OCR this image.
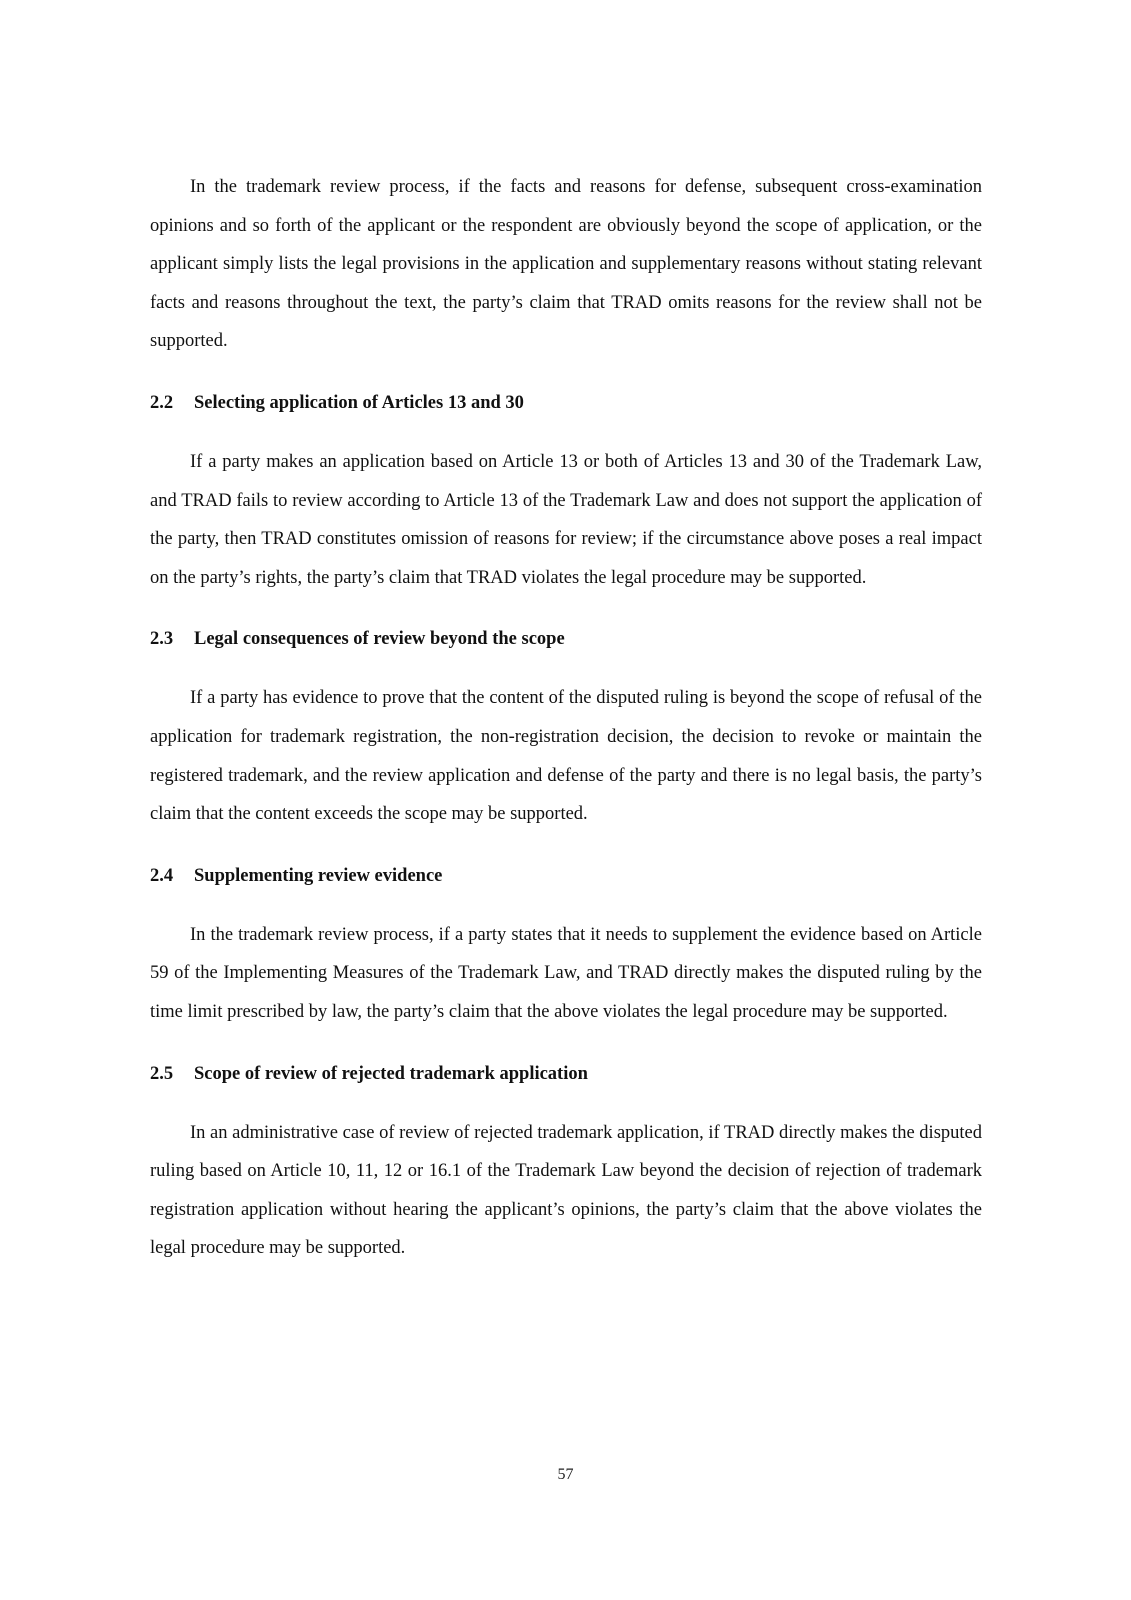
In the trademark review process, if the facts and reasons for defense, subsequent cross-examination opinions and so forth of the applicant or the respondent are obviously beyond the scope of application, or the applicant simply lists the legal provisions in the application and supplementary reasons without stating relevant facts and reasons throughout the text, the party’s claim that TRAD omits reasons for the review shall not be supported.

2.2 Selecting application of Articles 13 and 30

If a party makes an application based on Article 13 or both of Articles 13 and 30 of the Trademark Law, and TRAD fails to review according to Article 13 of the Trademark Law and does not support the application of the party, then TRAD constitutes omission of reasons for review; if the circumstance above poses a real impact on the party’s rights, the party’s claim that TRAD violates the legal procedure may be supported.

2.3 Legal consequences of review beyond the scope

If a party has evidence to prove that the content of the disputed ruling is beyond the scope of refusal of the application for trademark registration, the non-registration decision, the decision to revoke or maintain the registered trademark, and the review application and defense of the party and there is no legal basis, the party’s claim that the content exceeds the scope may be supported.

2.4 Supplementing review evidence

In the trademark review process, if a party states that it needs to supplement the evidence based on Article 59 of the Implementing Measures of the Trademark Law, and TRAD directly makes the disputed ruling by the time limit prescribed by law, the party’s claim that the above violates the legal procedure may be supported.

2.5 Scope of review of rejected trademark application

In an administrative case of review of rejected trademark application, if TRAD directly makes the disputed ruling based on Article 10, 11, 12 or 16.1 of the Trademark Law beyond the decision of rejection of trademark registration application without hearing the applicant’s opinions, the party’s claim that the above violates the legal procedure may be supported.

57
